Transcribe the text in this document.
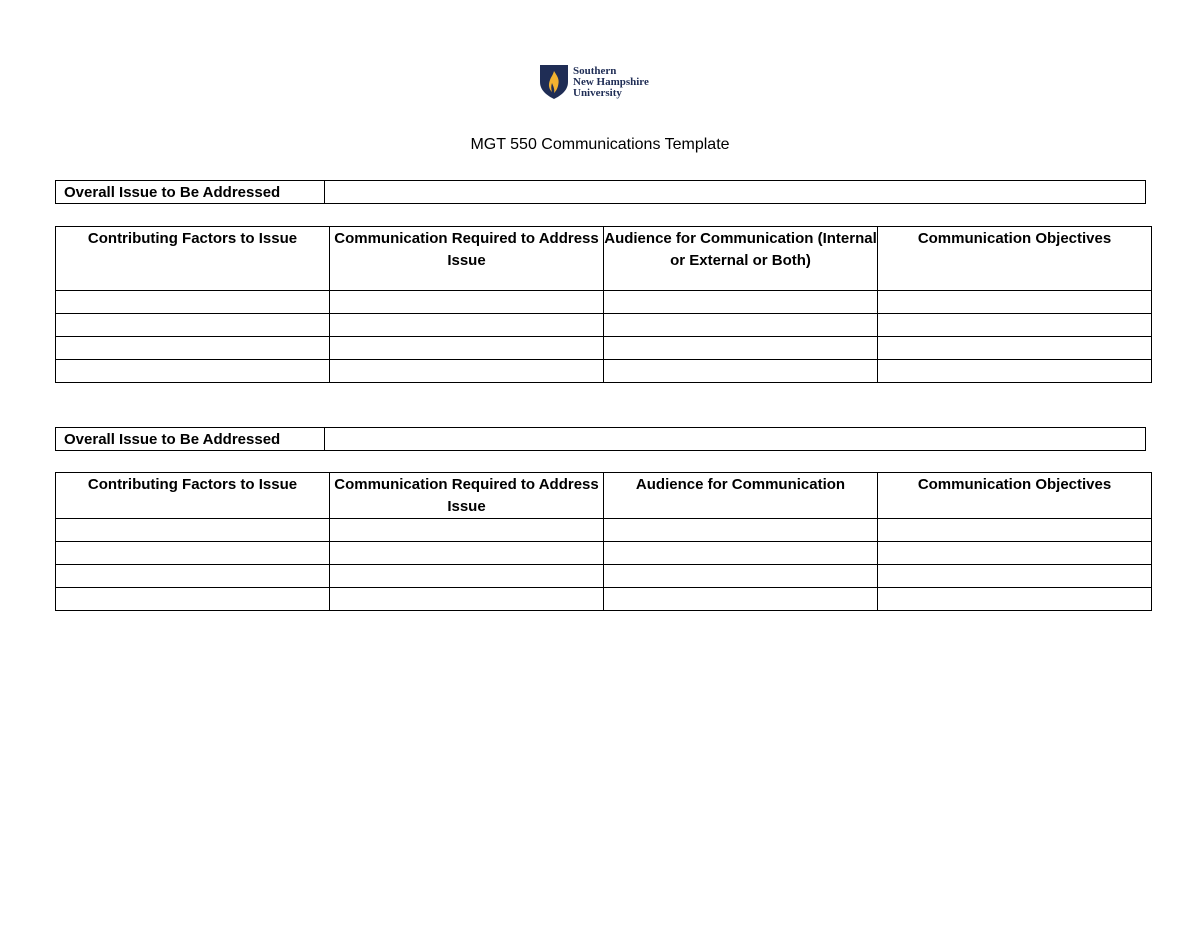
Southern
New Hampshire
University
MGT 550 Communications Template
Overall Issue to Be Addressed	
Contributing Factors to Issue	Communication Required to Address Issue	Audience for Communication (Internal or External or Both)	Communication Objectives

Overall Issue to Be Addressed	
Contributing Factors to Issue	Communication Required to Address Issue	Audience for Communication	Communication Objectives
